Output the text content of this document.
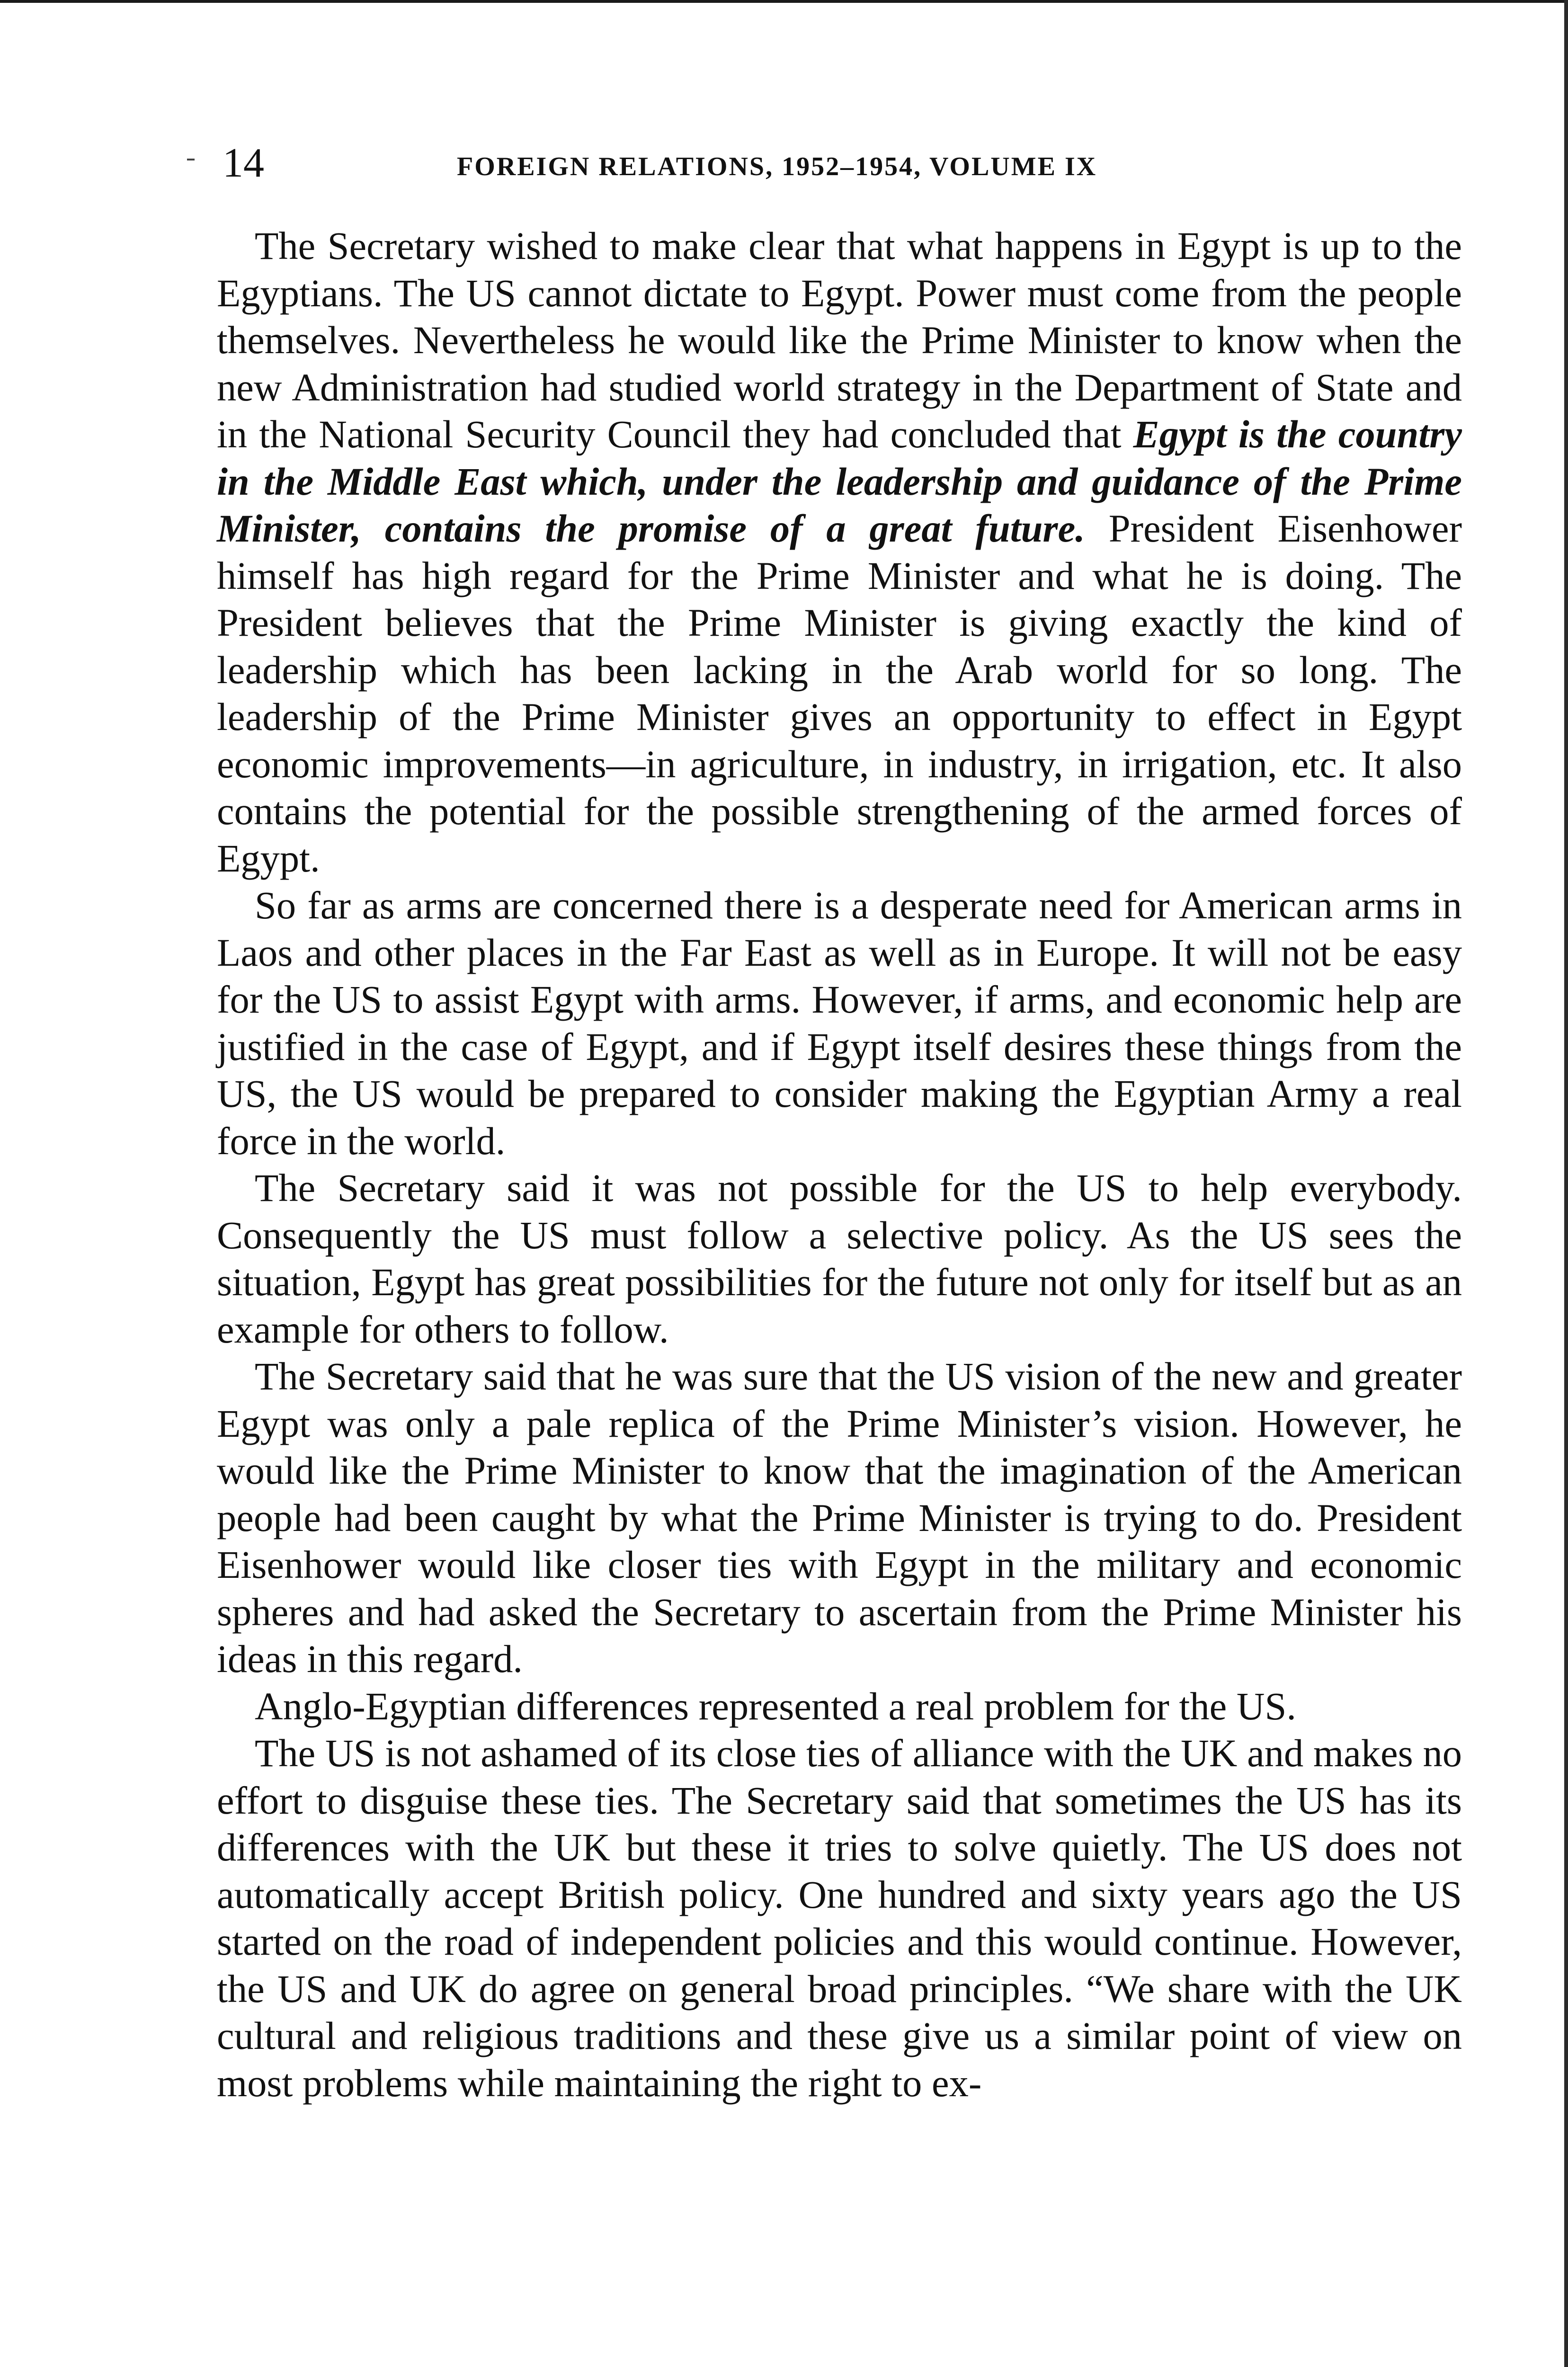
14	FOREIGN RELATIONS, 1952–1954, VOLUME IX

The Secretary wished to make clear that what happens in Egypt is up to the Egyptians. The US cannot dictate to Egypt. Power must come from the people themselves. Nevertheless he would like the Prime Minister to know when the new Administration had studied world strategy in the Department of State and in the National Security Council they had concluded that Egypt is the country in the Middle East which, under the leadership and guidance of the Prime Minister, contains the promise of a great future. President Eisenhower himself has high regard for the Prime Minister and what he is doing. The President believes that the Prime Minister is giving exactly the kind of leadership which has been lacking in the Arab world for so long. The leadership of the Prime Minister gives an opportunity to effect in Egypt economic improvements—in agriculture, in industry, in irrigation, etc. It also contains the potential for the possible strengthening of the armed forces of Egypt.

So far as arms are concerned there is a desperate need for American arms in Laos and other places in the Far East as well as in Europe. It will not be easy for the US to assist Egypt with arms. However, if arms, and economic help are justified in the case of Egypt, and if Egypt itself desires these things from the US, the US would be prepared to consider making the Egyptian Army a real force in the world.

The Secretary said it was not possible for the US to help everybody. Consequently the US must follow a selective policy. As the US sees the situation, Egypt has great possibilities for the future not only for itself but as an example for others to follow.

The Secretary said that he was sure that the US vision of the new and greater Egypt was only a pale replica of the Prime Minister’s vision. However, he would like the Prime Minister to know that the imagination of the American people had been caught by what the Prime Minister is trying to do. President Eisenhower would like closer ties with Egypt in the military and economic spheres and had asked the Secretary to ascertain from the Prime Minister his ideas in this regard.

Anglo-Egyptian differences represented a real problem for the US.

The US is not ashamed of its close ties of alliance with the UK and makes no effort to disguise these ties. The Secretary said that sometimes the US has its differences with the UK but these it tries to solve quietly. The US does not automatically accept British policy. One hundred and sixty years ago the US started on the road of independent policies and this would continue. However, the US and UK do agree on general broad principles. “We share with the UK cultural and religious traditions and these give us a similar point of view on most problems while maintaining the right to ex-
